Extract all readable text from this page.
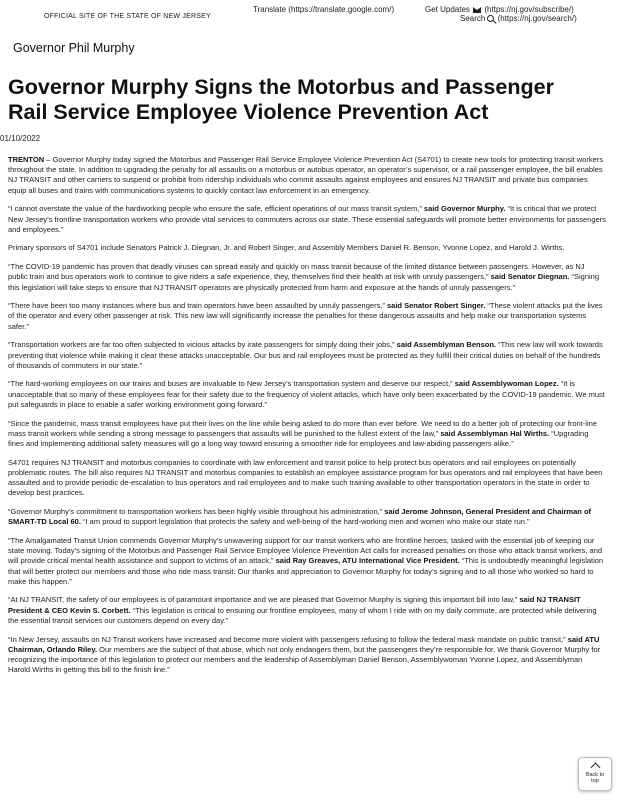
OFFICIAL SITE OF THE STATE OF NEW JERSEY
Translate (https://translate.google.com/)	Get Updates (https://nj.gov/subscribe/)
Search (https://nj.gov/search/)
Governor Phil Murphy
Governor Murphy Signs the Motorbus and Passenger Rail Service Employee Violence Prevention Act
01/10/2022

TRENTON – Governor Murphy today signed the Motorbus and Passenger Rail Service Employee Violence Prevention Act (S4701) to create new tools for protecting transit workers throughout the state. In addition to upgrading the penalty for all assaults on a motorbus or autobus operator, an operator’s supervisor, or a rail passenger employee, the bill enables NJ TRANSIT and other carriers to suspend or prohibit from ridership individuals who commit assaults against employees and ensures NJ TRANSIT and private bus companies equip all buses and trains with communications systems to quickly contact law enforcement in an emergency.

“I cannot overstate the value of the hardworking people who ensure the safe, efficient operations of our mass transit system,” said Governor Murphy. “It is critical that we protect New Jersey’s frontline transportation workers who provide vital services to commuters across our state. These essential safeguards will promote better environments for passengers and employees.”

Primary sponsors of S4701 include Senators Patrick J. Diegnan, Jr. and Robert Singer, and Assembly Members Daniel R. Benson, Yvonne Lopez, and Harold J. Wirths.

“The COVID-19 pandemic has proven that deadly viruses can spread easily and quickly on mass transit because of the limited distance between passengers. However, as NJ public train and bus operators work to continue to give riders a safe experience, they, themselves find their health at risk with unruly passengers,” said Senator Diegnan. “Signing this legislation will take steps to ensure that NJ TRANSIT operators are physically protected from harm and exposure at the hands of unruly passengers.”

“There have been too many instances where bus and train operators have been assaulted by unruly passengers,” said Senator Robert Singer. “These violent attacks put the lives of the operator and every other passenger at risk. This new law will significantly increase the penalties for these dangerous assaults and help make our transportation systems safer.”

“Transportation workers are far too often subjected to vicious attacks by irate passengers for simply doing their jobs,” said Assemblyman Benson. “This new law will work towards preventing that violence while making it clear these attacks unacceptable. Our bus and rail employees must be protected as they fulfill their critical duties on behalf of the hundreds of thousands of commuters in our state.”

“The hard-working employees on our trains and buses are invaluable to New Jersey’s transportation system and deserve our respect,” said Assemblywoman Lopez. “It is unacceptable that so many of these employees fear for their safety due to the frequency of violent attacks, which have only been exacerbated by the COVID-19 pandemic. We must put safeguards in place to enable a safer working environment going forward.”

“Since the pandemic, mass transit employees have put their lives on the line while being asked to do more than ever before. We need to do a better job of protecting our front-line mass transit workers while sending a strong message to passengers that assaults will be punished to the fullest extent of the law,” said Assemblyman Hal Wirths. “Upgrading fines and implementing additional safety measures will go a long way toward ensuring a smoother ride for employees and law-abiding passengers alike.”

S4701 requires NJ TRANSIT and motorbus companies to coordinate with law enforcement and transit police to help protect bus operators and rail employees on potentially problematic routes. The bill also requires NJ TRANSIT and motorbus companies to establish an employee assistance program for bus operators and rail employees that have been assaulted and to provide periodic de-escalation to bus operators and rail employees and to make such training available to other transportation operators in the state in order to develop best practices.

“Governor Murphy’s commitment to transportation workers has been highly visible throughout his administration,” said Jerome Johnson, General President and Chairman of SMART-TD Local 60. “I am proud to support legislation that protects the safety and well-being of the hard-working men and women who make our state run.”

“The Amalgamated Transit Union commends Governor Murphy’s unwavering support for our transit workers who are frontline heroes, tasked with the essential job of keeping our state moving. Today’s signing of the Motorbus and Passenger Rail Service Employee Violence Prevention Act calls for increased penalties on those who attack transit workers, and will provide critical mental health assistance and support to victims of an attack,” said Ray Greaves, ATU International Vice President. “This is undoubtedly meaningful legislation that will better protect our members and those who ride mass transit. Our thanks and appreciation to Governor Murphy for today’s signing and to all those who worked so hard to make this happen.”

“At NJ TRANSIT, the safety of our employees is of paramount importance and we are pleased that Governor Murphy is signing this important bill into law,” said NJ TRANSIT President & CEO Kevin S. Corbett. “This legislation is critical to ensuring our frontline employees, many of whom I ride with on my daily commute, are protected while delivering the essential transit services our customers depend on every day.”

“In New Jersey, assaults on NJ Transit workers have increased and become more violent with passengers refusing to follow the federal mask mandate on public transit,” said ATU Chairman, Orlando Riley. Our members are the subject of that abuse, which not only endangers them, but the passengers they’re responsible for. We thank Governor Murphy for recognizing the importance of this legislation to protect our members and the leadership of Assemblyman Daniel Benson, Assemblywoman Yvonne Lopez, and Assemblyman Harold Wirths in getting this bill to the finish line.”

Back to top
